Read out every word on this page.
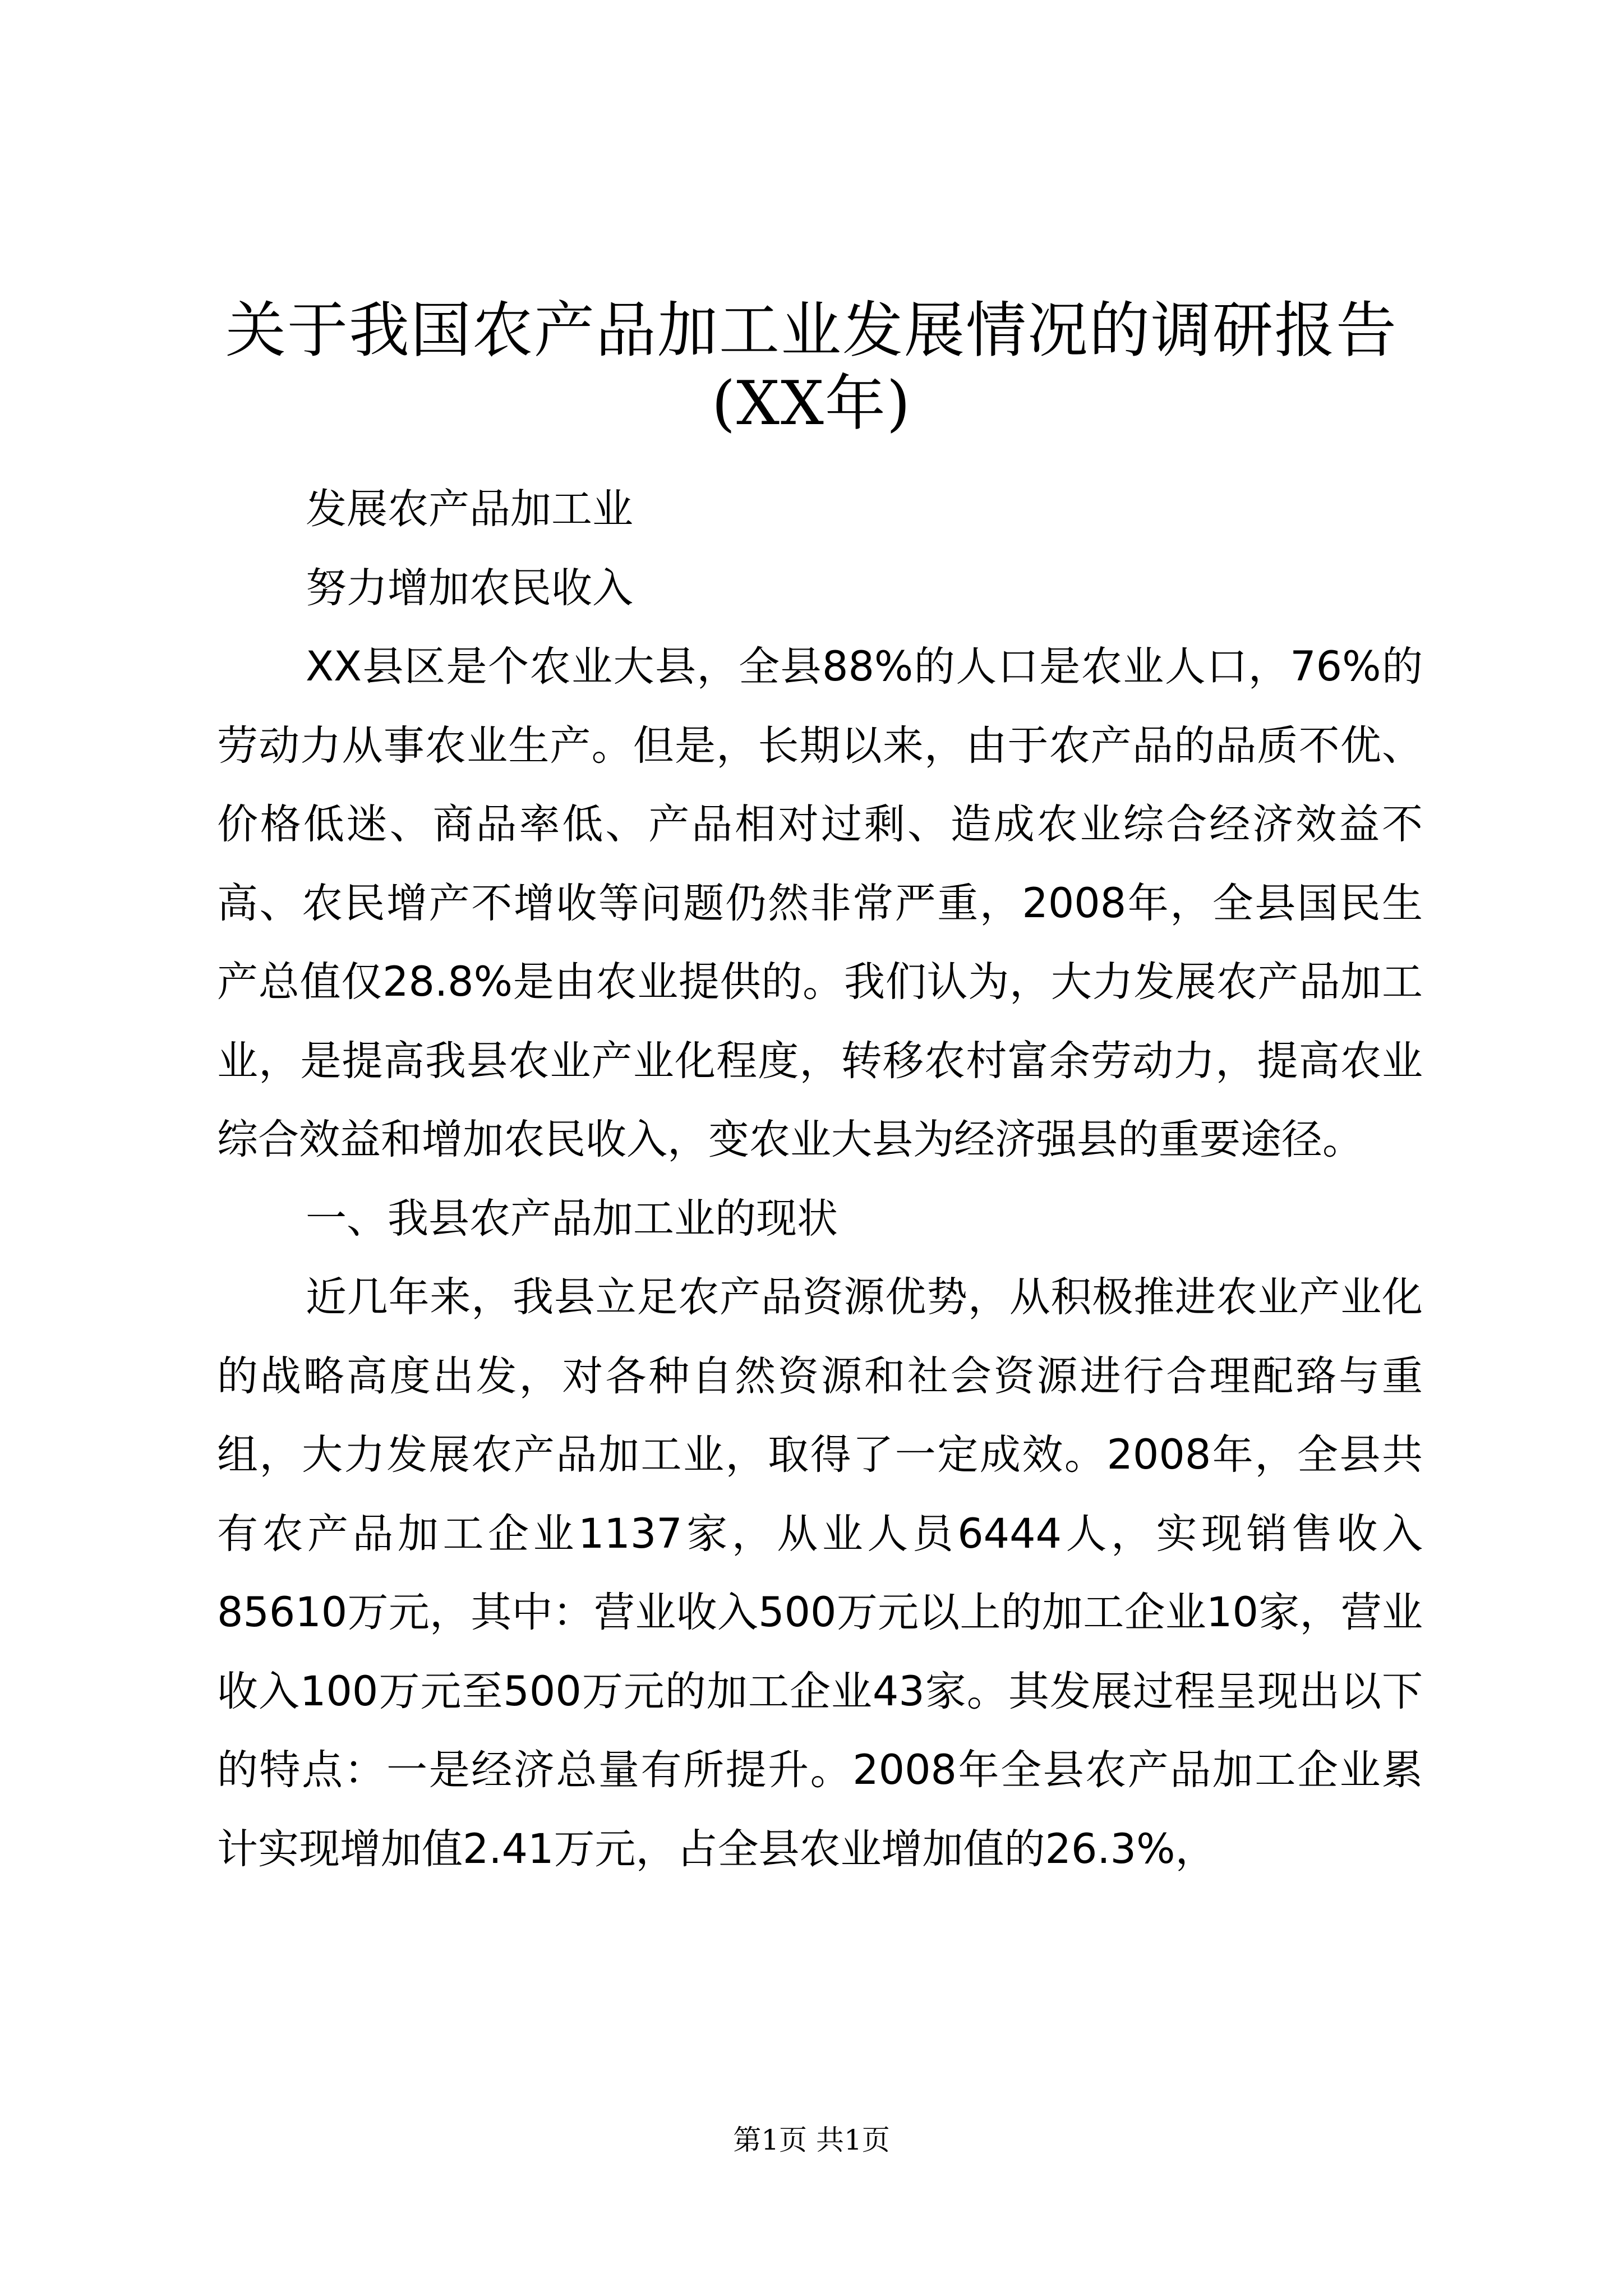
关于我国农产品加工业发展情况的调研报告
(XX年)

发展农产品加工业

努力增加农民收入

XX县区是个农业大县，全县88%的人口是农业人口，76%的劳动力从事农业生产。但是，长期以来，由于农产品的品质不优、价格低迷、商品率低、产品相对过剩、造成农业综合经济效益不高、农民增产不增收等问题仍然非常严重，2008年，全县国民生产总值仅28.8%是由农业提供的。我们认为，大力发展农产品加工业，是提高我县农业产业化程度，转移农村富余劳动力，提高农业综合效益和增加农民收入，变农业大县为经济强县的重要途径。

一、我县农产品加工业的现状

近几年来，我县立足农产品资源优势，从积极推进农业产业化的战略高度出发，对各种自然资源和社会资源进行合理配臵与重组，大力发展农产品加工业，取得了一定成效。2008年，全县共有农产品加工企业1137家，从业人员6444人，实现销售收入85610万元，其中：营业收入500万元以上的加工企业10家，营业收入100万元至500万元的加工企业43家。其发展过程呈现出以下的特点：一是经济总量有所提升。2008年全县农产品加工企业累计实现增加值2.41万元，占全县农业增加值的26.3%，

第1页 共1页
